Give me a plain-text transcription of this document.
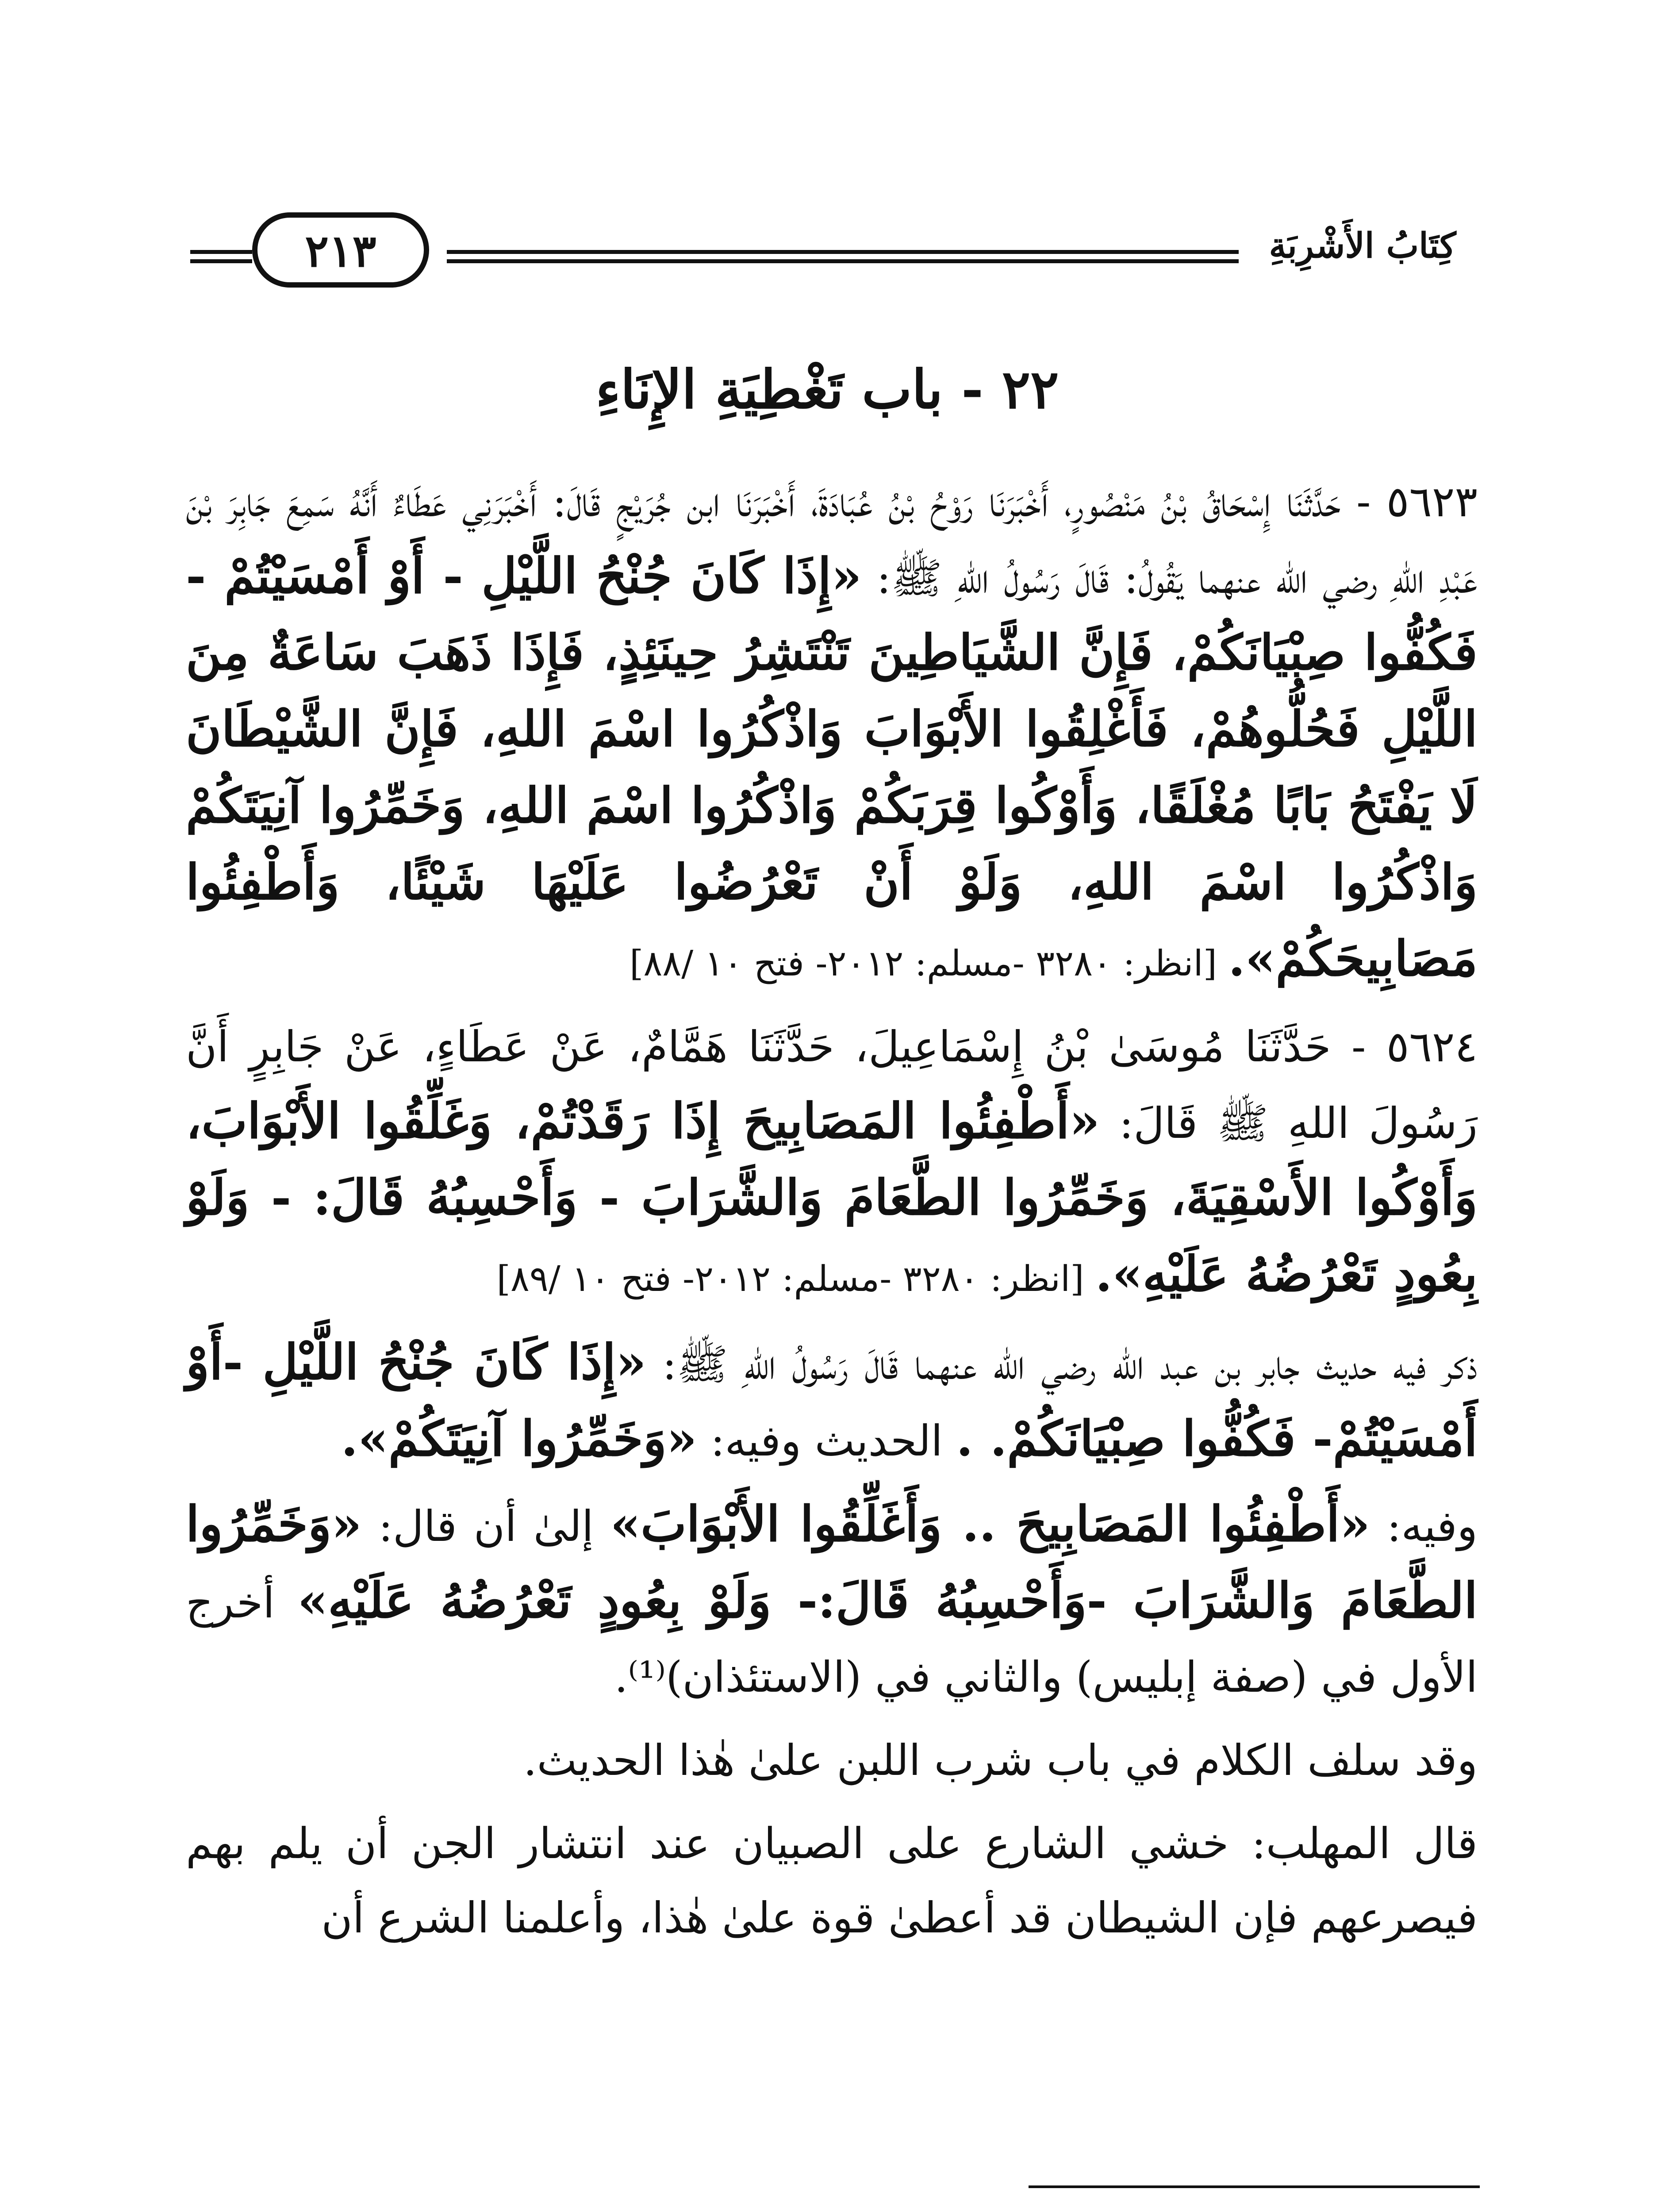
كِتَابُ الأَشْرِبَةِ
٢١٣
٢٢ - باب تَغْطِيَةِ الإِنَاءِ

٥٦٢٣ - حَدَّثَنَا إِسْحَاقُ بْنُ مَنْصُورٍ، أَخْبَرَنَا رَوْحُ بْنُ عُبَادَةَ، أَخْبَرَنَا ابن جُرَيْجٍ قَالَ: أَخْبَرَنِي عَطَاءٌ أَنَّهُ سَمِعَ جَابِرَ بْنَ عَبْدِ اللهِ رضي الله عنهما يَقُولُ: قَالَ رَسُولُ اللهِ ﷺ: «إِذَا كَانَ جُنْحُ اللَّيْلِ - أَوْ أَمْسَيْتُمْ - فَكُفُّوا صِبْيَانَكُمْ، فَإِنَّ الشَّيَاطِينَ تَنْتَشِرُ حِينَئِذٍ، فَإِذَا ذَهَبَ سَاعَةٌ مِنَ اللَّيْلِ فَحُلُّوهُمْ، فَأَغْلِقُوا الأَبْوَابَ وَاذْكُرُوا اسْمَ اللهِ، فَإِنَّ الشَّيْطَانَ لَا يَفْتَحُ بَابًا مُغْلَقًا، وَأَوْكُوا قِرَبَكُمْ وَاذْكُرُوا اسْمَ اللهِ، وَخَمِّرُوا آنِيَتَكُمْ وَاذْكُرُوا اسْمَ اللهِ، وَلَوْ أَنْ تَعْرُضُوا عَلَيْهَا شَيْئًا، وَأَطْفِئُوا مَصَابِيحَكُمْ». [انظر: ٣٢٨٠ -مسلم: ٢٠١٢- فتح ١٠ /٨٨]

٥٦٢٤ - حَدَّثَنَا مُوسَىٰ بْنُ إِسْمَاعِيلَ، حَدَّثَنَا هَمَّامٌ، عَنْ عَطَاءٍ، عَنْ جَابِرٍ أَنَّ رَسُولَ اللهِ ﷺ قَالَ: «أَطْفِئُوا المَصَابِيحَ إِذَا رَقَدْتُمْ، وَغَلِّقُوا الأَبْوَابَ، وَأَوْكُوا الأَسْقِيَةَ، وَخَمِّرُوا الطَّعَامَ وَالشَّرَابَ - وَأَحْسِبُهُ قَالَ: - وَلَوْ بِعُودٍ تَعْرُضُهُ عَلَيْهِ». [انظر: ٣٢٨٠ -مسلم: ٢٠١٢- فتح ١٠ /٨٩]

ذكر فيه حديث جابر بن عبد الله رضي الله عنهما قَالَ رَسُولُ اللهِ ﷺ: «إِذَا كَانَ جُنْحُ اللَّيْلِ -أَوْ أَمْسَيْتُمْ- فَكُفُّوا صِبْيَانَكُمْ. . الحديث وفيه: «وَخَمِّرُوا آنِيَتَكُمْ».

وفيه: «أَطْفِئُوا المَصَابِيحَ .. وَأَغَلِّقُوا الأَبْوَابَ» إلىٰ أن قال: «وَخَمِّرُوا الطَّعَامَ وَالشَّرَابَ -وَأَحْسِبُهُ قَالَ:- وَلَوْ بِعُودٍ تَعْرُضُهُ عَلَيْهِ» أخرج الأول في (صفة إبليس) والثاني في (الاستئذان)⁽¹⁾.

وقد سلف الكلام في باب شرب اللبن علىٰ هٰذا الحديث.

قال المهلب: خشي الشارع على الصبيان عند انتشار الجن أن يلم بهم فيصرعهم فإن الشيطان قد أعطىٰ قوة علىٰ هٰذا، وأعلمنا الشرع أن
